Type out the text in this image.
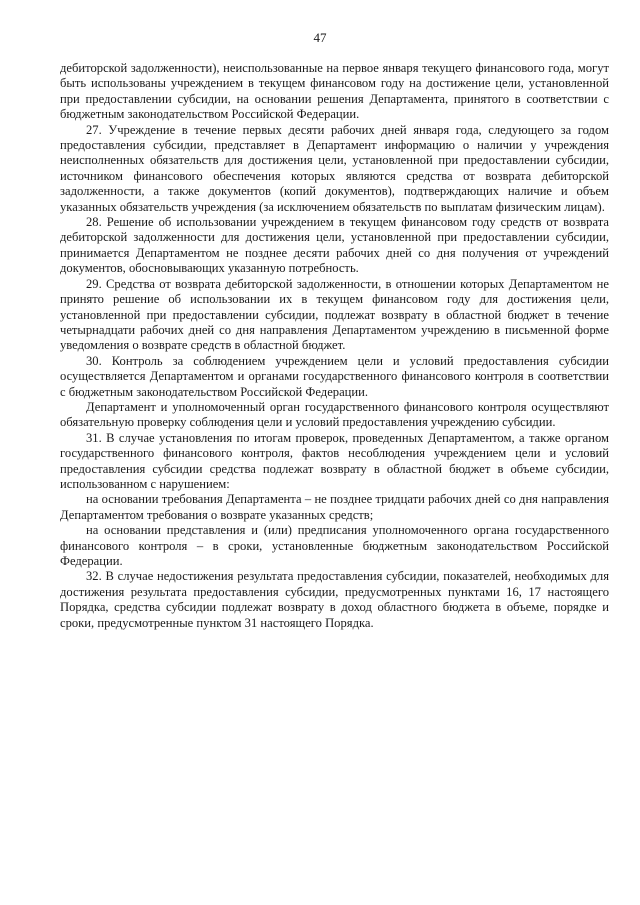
47

дебиторской задолженности), неиспользованные на первое января текущего финансового года, могут быть использованы учреждением в текущем финансовом году на достижение цели, установленной при предоставлении субсидии, на основании решения Департамента, принятого в соответствии с бюджетным законодательством Российской Федерации.

27. Учреждение в течение первых десяти рабочих дней января года, следующего за годом предоставления субсидии, представляет в Департамент информацию о наличии у учреждения неисполненных обязательств для достижения цели, установленной при предоставлении субсидии, источником финансового обеспечения которых являются средства от возврата дебиторской задолженности, а также документов (копий документов), подтверждающих наличие и объем указанных обязательств учреждения (за исключением обязательств по выплатам физическим лицам).

28. Решение об использовании учреждением в текущем финансовом году средств от возврата дебиторской задолженности для достижения цели, установленной при предоставлении субсидии, принимается Департаментом не позднее десяти рабочих дней со дня получения от учреждений документов, обосновывающих указанную потребность.

29. Средства от возврата дебиторской задолженности, в отношении которых Департаментом не принято решение об использовании их в текущем финансовом году для достижения цели, установленной при предоставлении субсидии, подлежат возврату в областной бюджет в течение четырнадцати рабочих дней со дня направления Департаментом учреждению в письменной форме уведомления о возврате средств в областной бюджет.

30. Контроль за соблюдением учреждением цели и условий предоставления субсидии осуществляется Департаментом и органами государственного финансового контроля в соответствии с бюджетным законодательством Российской Федерации.

Департамент и уполномоченный орган государственного финансового контроля осуществляют обязательную проверку соблюдения цели и условий предоставления учреждению субсидии.

31. В случае установления по итогам проверок, проведенных Департаментом, а также органом государственного финансового контроля, фактов несоблюдения учреждением цели и условий предоставления субсидии средства подлежат возврату в областной бюджет в объеме субсидии, использованном с нарушением:

на основании требования Департамента – не позднее тридцати рабочих дней со дня направления Департаментом требования о возврате указанных средств;

на основании представления и (или) предписания уполномоченного органа государственного финансового контроля – в сроки, установленные бюджетным законодательством Российской Федерации.

32. В случае недостижения результата предоставления субсидии, показателей, необходимых для достижения результата предоставления субсидии, предусмотренных пунктами 16, 17 настоящего Порядка, средства субсидии подлежат возврату в доход областного бюджета в объеме, порядке и сроки, предусмотренные пунктом 31 настоящего Порядка.
